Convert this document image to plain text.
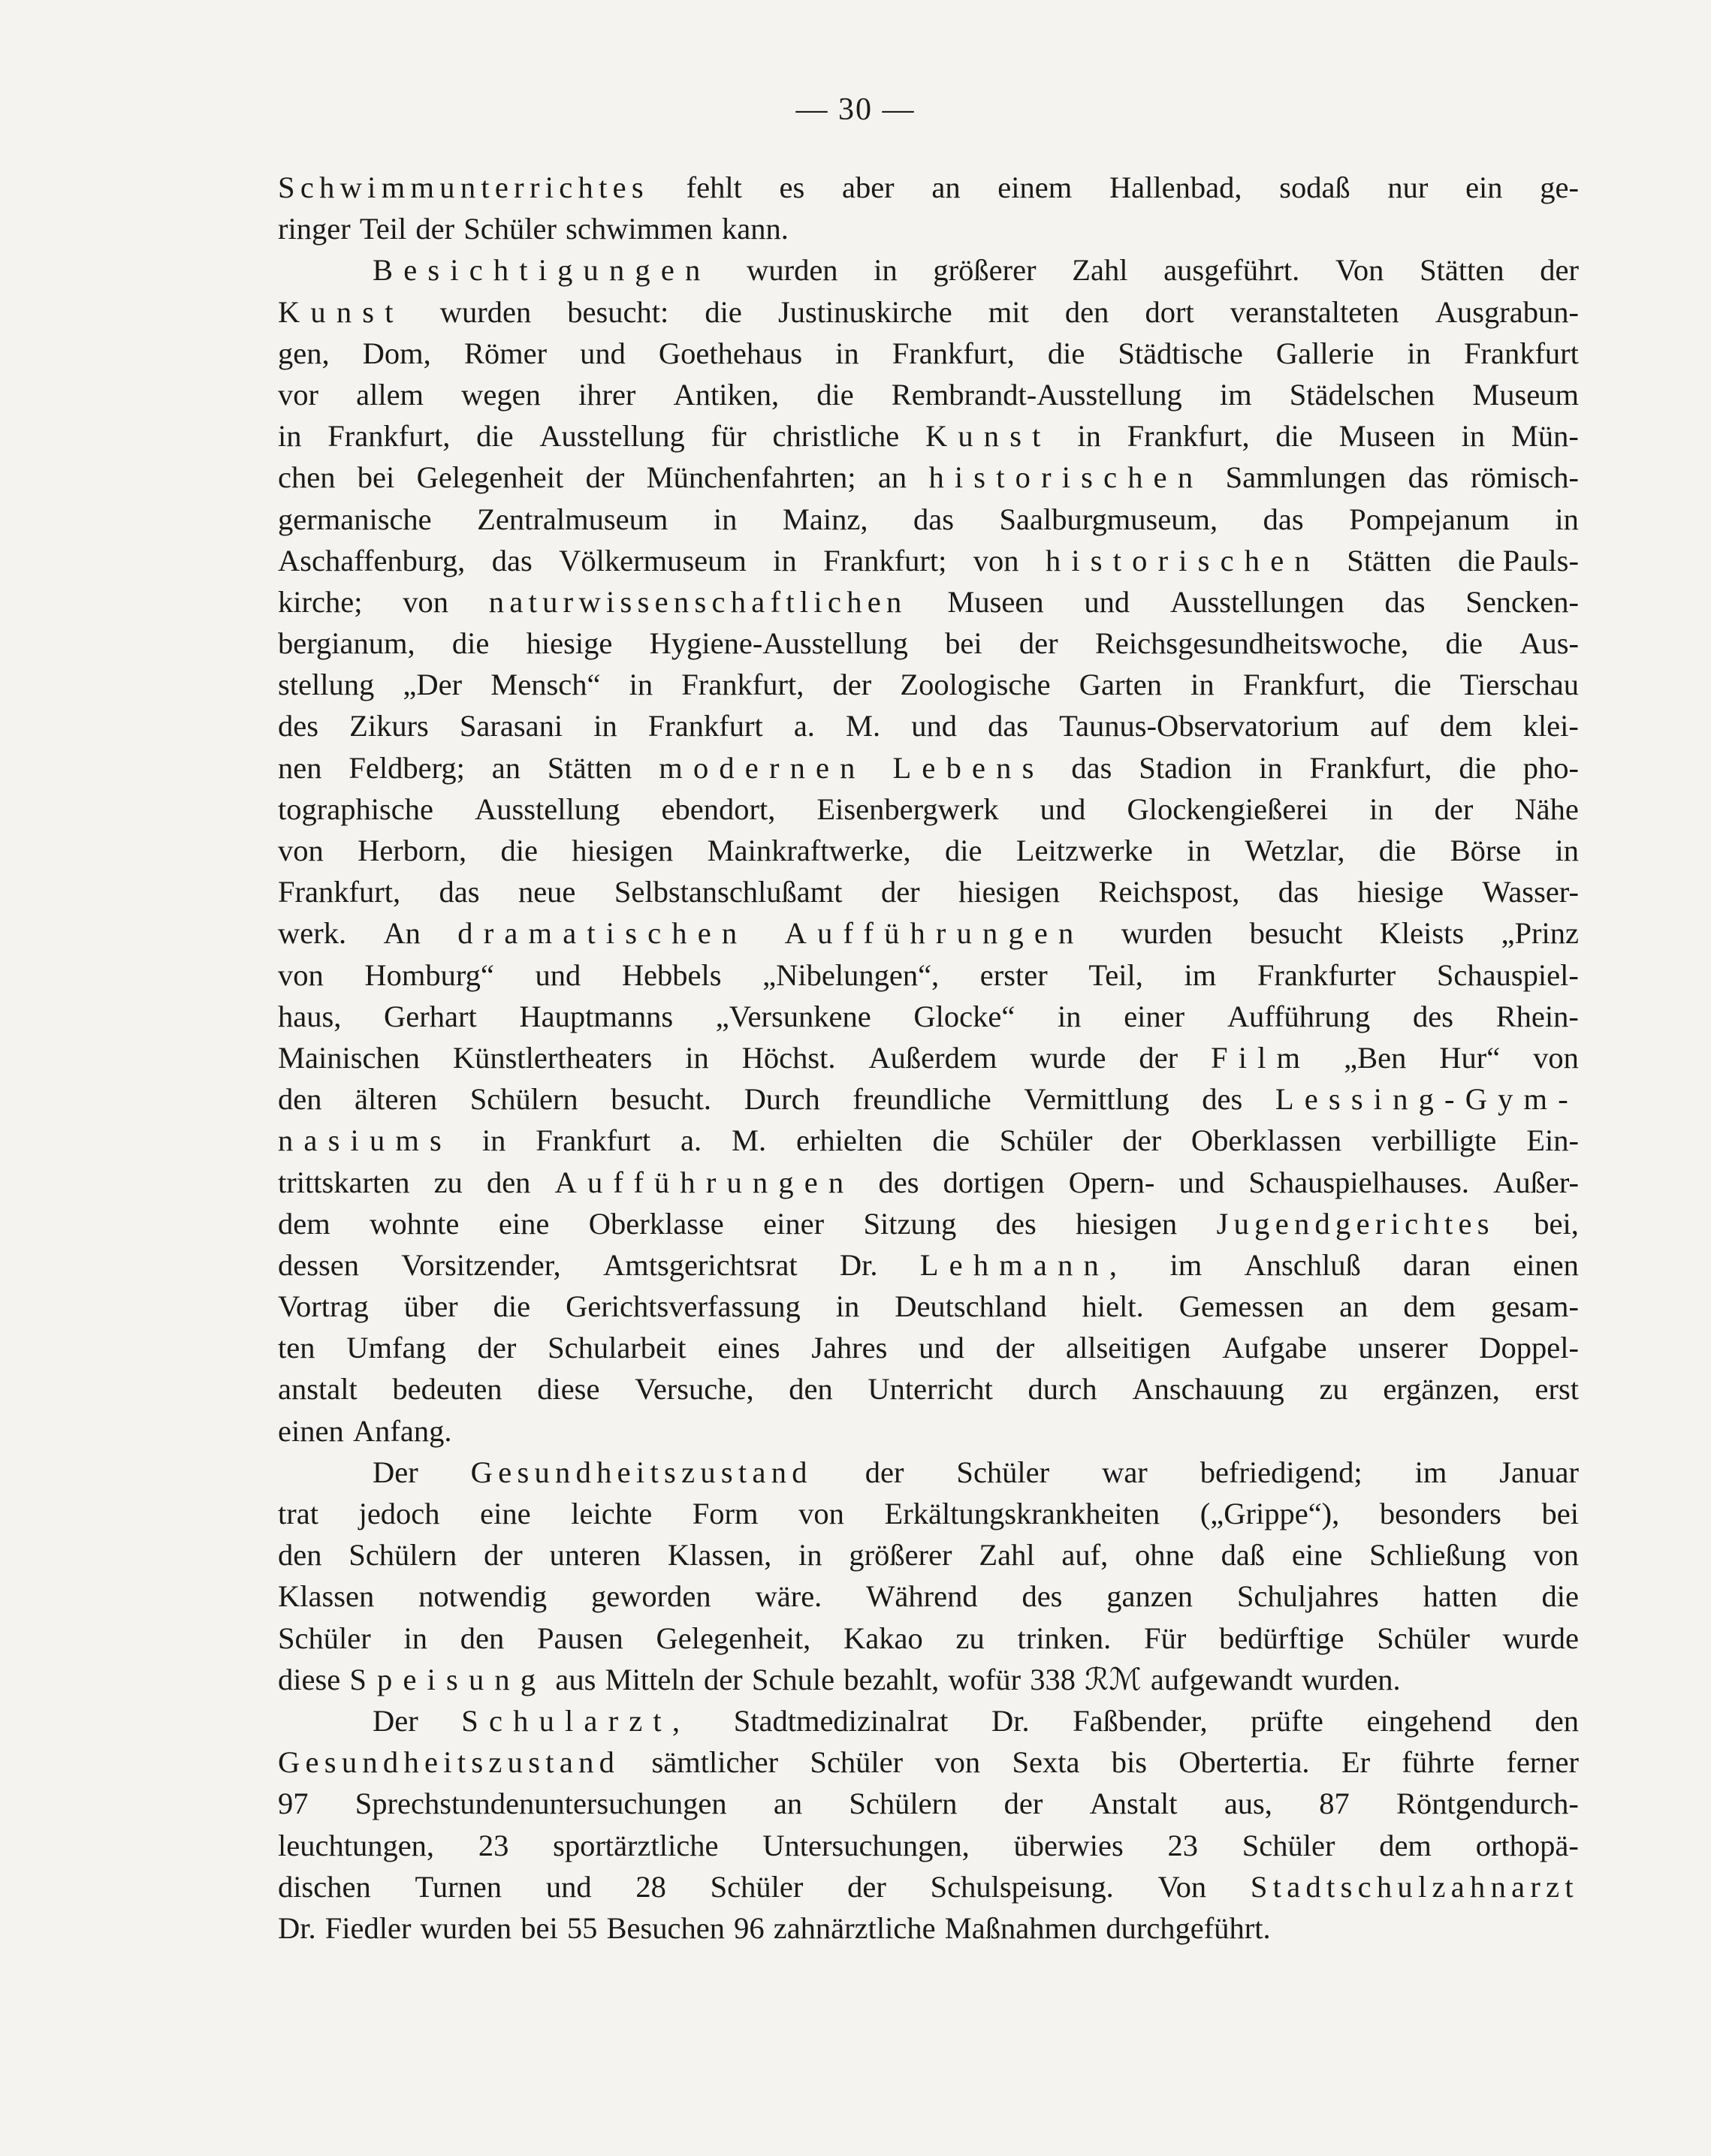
— 30 —
Schwimmunterrichtes fehlt es aber an einem Hallenbad, sodaß nur ein ge-
ringer Teil der Schüler schwimmen kann.
Besichtigungen wurden in größerer Zahl ausgeführt. Von Stätten der
Kunst wurden besucht: die Justinuskirche mit den dort veranstalteten Ausgrabun-
gen, Dom, Römer und Goethehaus in Frankfurt, die Städtische Gallerie in Frankfurt
vor allem wegen ihrer Antiken, die Rembrandt-Ausstellung im Städelschen Museum
in Frankfurt, die Ausstellung für christliche Kunst in Frankfurt, die Museen in Mün-
chen bei Gelegenheit der Münchenfahrten; an historischen Sammlungen das römisch-
germanische Zentralmuseum in Mainz, das Saalburgmuseum, das Pompejanum in
Aschaffenburg, das Völkermuseum in Frankfurt; von historischen Stätten die Pauls-
kirche; von naturwissenschaftlichen Museen und Ausstellungen das Sencken-
bergianum, die hiesige Hygiene-Ausstellung bei der Reichsgesundheitswoche, die Aus-
stellung „Der Mensch“ in Frankfurt, der Zoologische Garten in Frankfurt, die Tierschau
des Zikurs Sarasani in Frankfurt a. M. und das Taunus-Observatorium auf dem klei-
nen Feldberg; an Stätten modernen Lebens das Stadion in Frankfurt, die pho-
tographische Ausstellung ebendort, Eisenbergwerk und Glockengießerei in der Nähe
von Herborn, die hiesigen Mainkraftwerke, die Leitzwerke in Wetzlar, die Börse in
Frankfurt, das neue Selbstanschlußamt der hiesigen Reichspost, das hiesige Wasser-
werk. An dramatischen Aufführungen wurden besucht Kleists „Prinz
von Homburg“ und Hebbels „Nibelungen“, erster Teil, im Frankfurter Schauspiel-
haus, Gerhart Hauptmanns „Versunkene Glocke“ in einer Aufführung des Rhein-
Mainischen Künstlertheaters in Höchst. Außerdem wurde der Film „Ben Hur“ von
den älteren Schülern besucht. Durch freundliche Vermittlung des Lessing-Gym-
nasiums in Frankfurt a. M. erhielten die Schüler der Oberklassen verbilligte Ein-
trittskarten zu den Aufführungen des dortigen Opern- und Schauspielhauses. Außer-
dem wohnte eine Oberklasse einer Sitzung des hiesigen Jugendgerichtes bei,
dessen Vorsitzender, Amtsgerichtsrat Dr. Lehmann, im Anschluß daran einen
Vortrag über die Gerichtsverfassung in Deutschland hielt. Gemessen an dem gesam-
ten Umfang der Schularbeit eines Jahres und der allseitigen Aufgabe unserer Doppel-
anstalt bedeuten diese Versuche, den Unterricht durch Anschauung zu ergänzen, erst
einen Anfang.
Der Gesundheitszustand der Schüler war befriedigend; im Januar
trat jedoch eine leichte Form von Erkältungskrankheiten („Grippe“), besonders bei
den Schülern der unteren Klassen, in größerer Zahl auf, ohne daß eine Schließung von
Klassen notwendig geworden wäre. Während des ganzen Schuljahres hatten die
Schüler in den Pausen Gelegenheit, Kakao zu trinken. Für bedürftige Schüler wurde
diese Speisung aus Mitteln der Schule bezahlt, wofür 338 ℛℳ aufgewandt wurden.
Der Schularzt, Stadtmedizinalrat Dr. Faßbender, prüfte eingehend den
Gesundheitszustand sämtlicher Schüler von Sexta bis Obertertia. Er führte ferner
97 Sprechstundenuntersuchungen an Schülern der Anstalt aus, 87 Röntgendurch-
leuchtungen, 23 sportärztliche Untersuchungen, überwies 23 Schüler dem orthopä-
dischen Turnen und 28 Schüler der Schulspeisung. Von Stadtschulzahnarzt
Dr. Fiedler wurden bei 55 Besuchen 96 zahnärztliche Maßnahmen durchgeführt.
